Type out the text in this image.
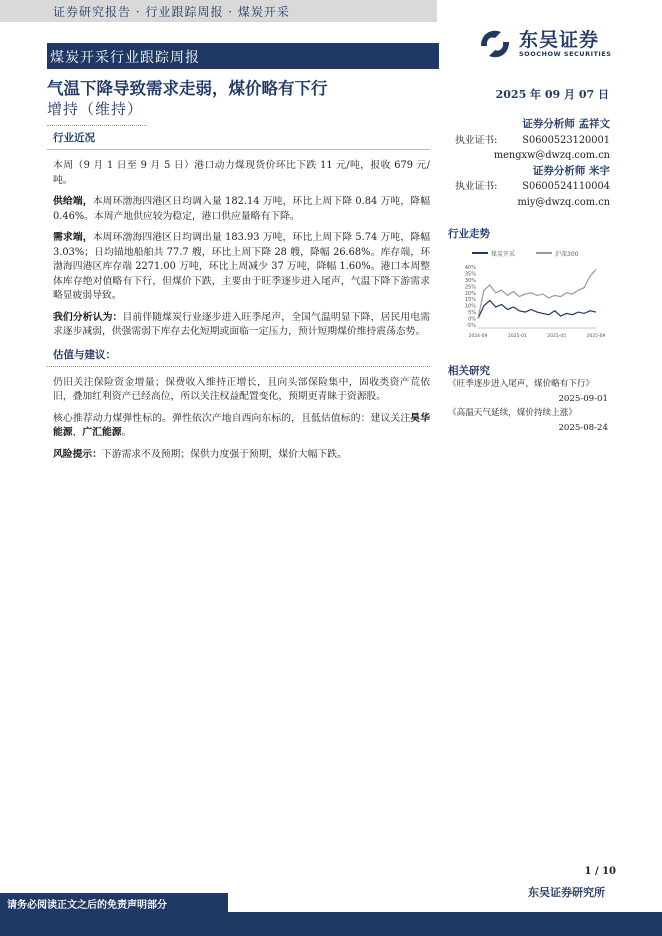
证券研究报告 · 行业跟踪周报 · 煤炭开采
东吴证券
SOOCHOW SECURITIES
煤炭开采行业跟踪周报
气温下降导致需求走弱，煤价略有下行	2025 年 09 月 07 日
增持（维持）
行业近况

本周（9 月 1 日至 9 月 5 日）港口动力煤现货价环比下跌 11 元/吨，报收 679 元/吨。

供给端，本周环渤海四港区日均调入量 182.14 万吨，环比上周下降 0.84 万吨，降幅 0.46%。本周产地供应较为稳定，港口供应量略有下降。

需求端，本周环渤海四港区日均调出量 183.93 万吨，环比上周下降 5.74 万吨，降幅 3.03%；日均锚地船舶共 77.7 艘，环比上周下降 28 艘，降幅 26.68%。库存端，环渤海四港区库存端 2271.00 万吨，环比上周减少 37 万吨，降幅 1.60%。港口本周整体库存绝对值略有下行，但煤价下跌，主要由于旺季逐步进入尾声，气温下降下游需求略显疲弱导致。

我们分析认为：目前伴随煤炭行业逐步进入旺季尾声，全国气温明显下降，居民用电需求逐步减弱，供强需弱下库存去化短期或面临一定压力，预计短期煤价维持震荡态势。

估值与建议：

仍旧关注保险资金增量；保费收入维持正增长，且向头部保险集中，固收类资产荒依旧，叠加红利资产已经高位，所以关注权益配置变化，预期更青睐于资源股。

核心推荐动力煤弹性标的。弹性依次产地自西向东标的，且低估值标的：建议关注昊华能源，广汇能源。

风险提示：下游需求不及预期；保供力度强于预期，煤价大幅下跌。

证券分析师 孟祥文
执业证书:	S0600523120001
mengxw@dwzq.com.cn
证券分析师 米宇
执业证书:	S0600524110004
miy@dwzq.com.cn
行业走势
煤炭开采	沪深300
40%
35%
30%
25%
20%
15%
10%
5%
0%
-5%
2024-09	2025-01	2025-05	2025-09
相关研究
《旺季逐步进入尾声，煤价略有下行》
2025-09-01
《高温天气延续，煤价持续上涨》
2025-08-24
1 / 10
东吴证券研究所
请务必阅读正文之后的免责声明部分
